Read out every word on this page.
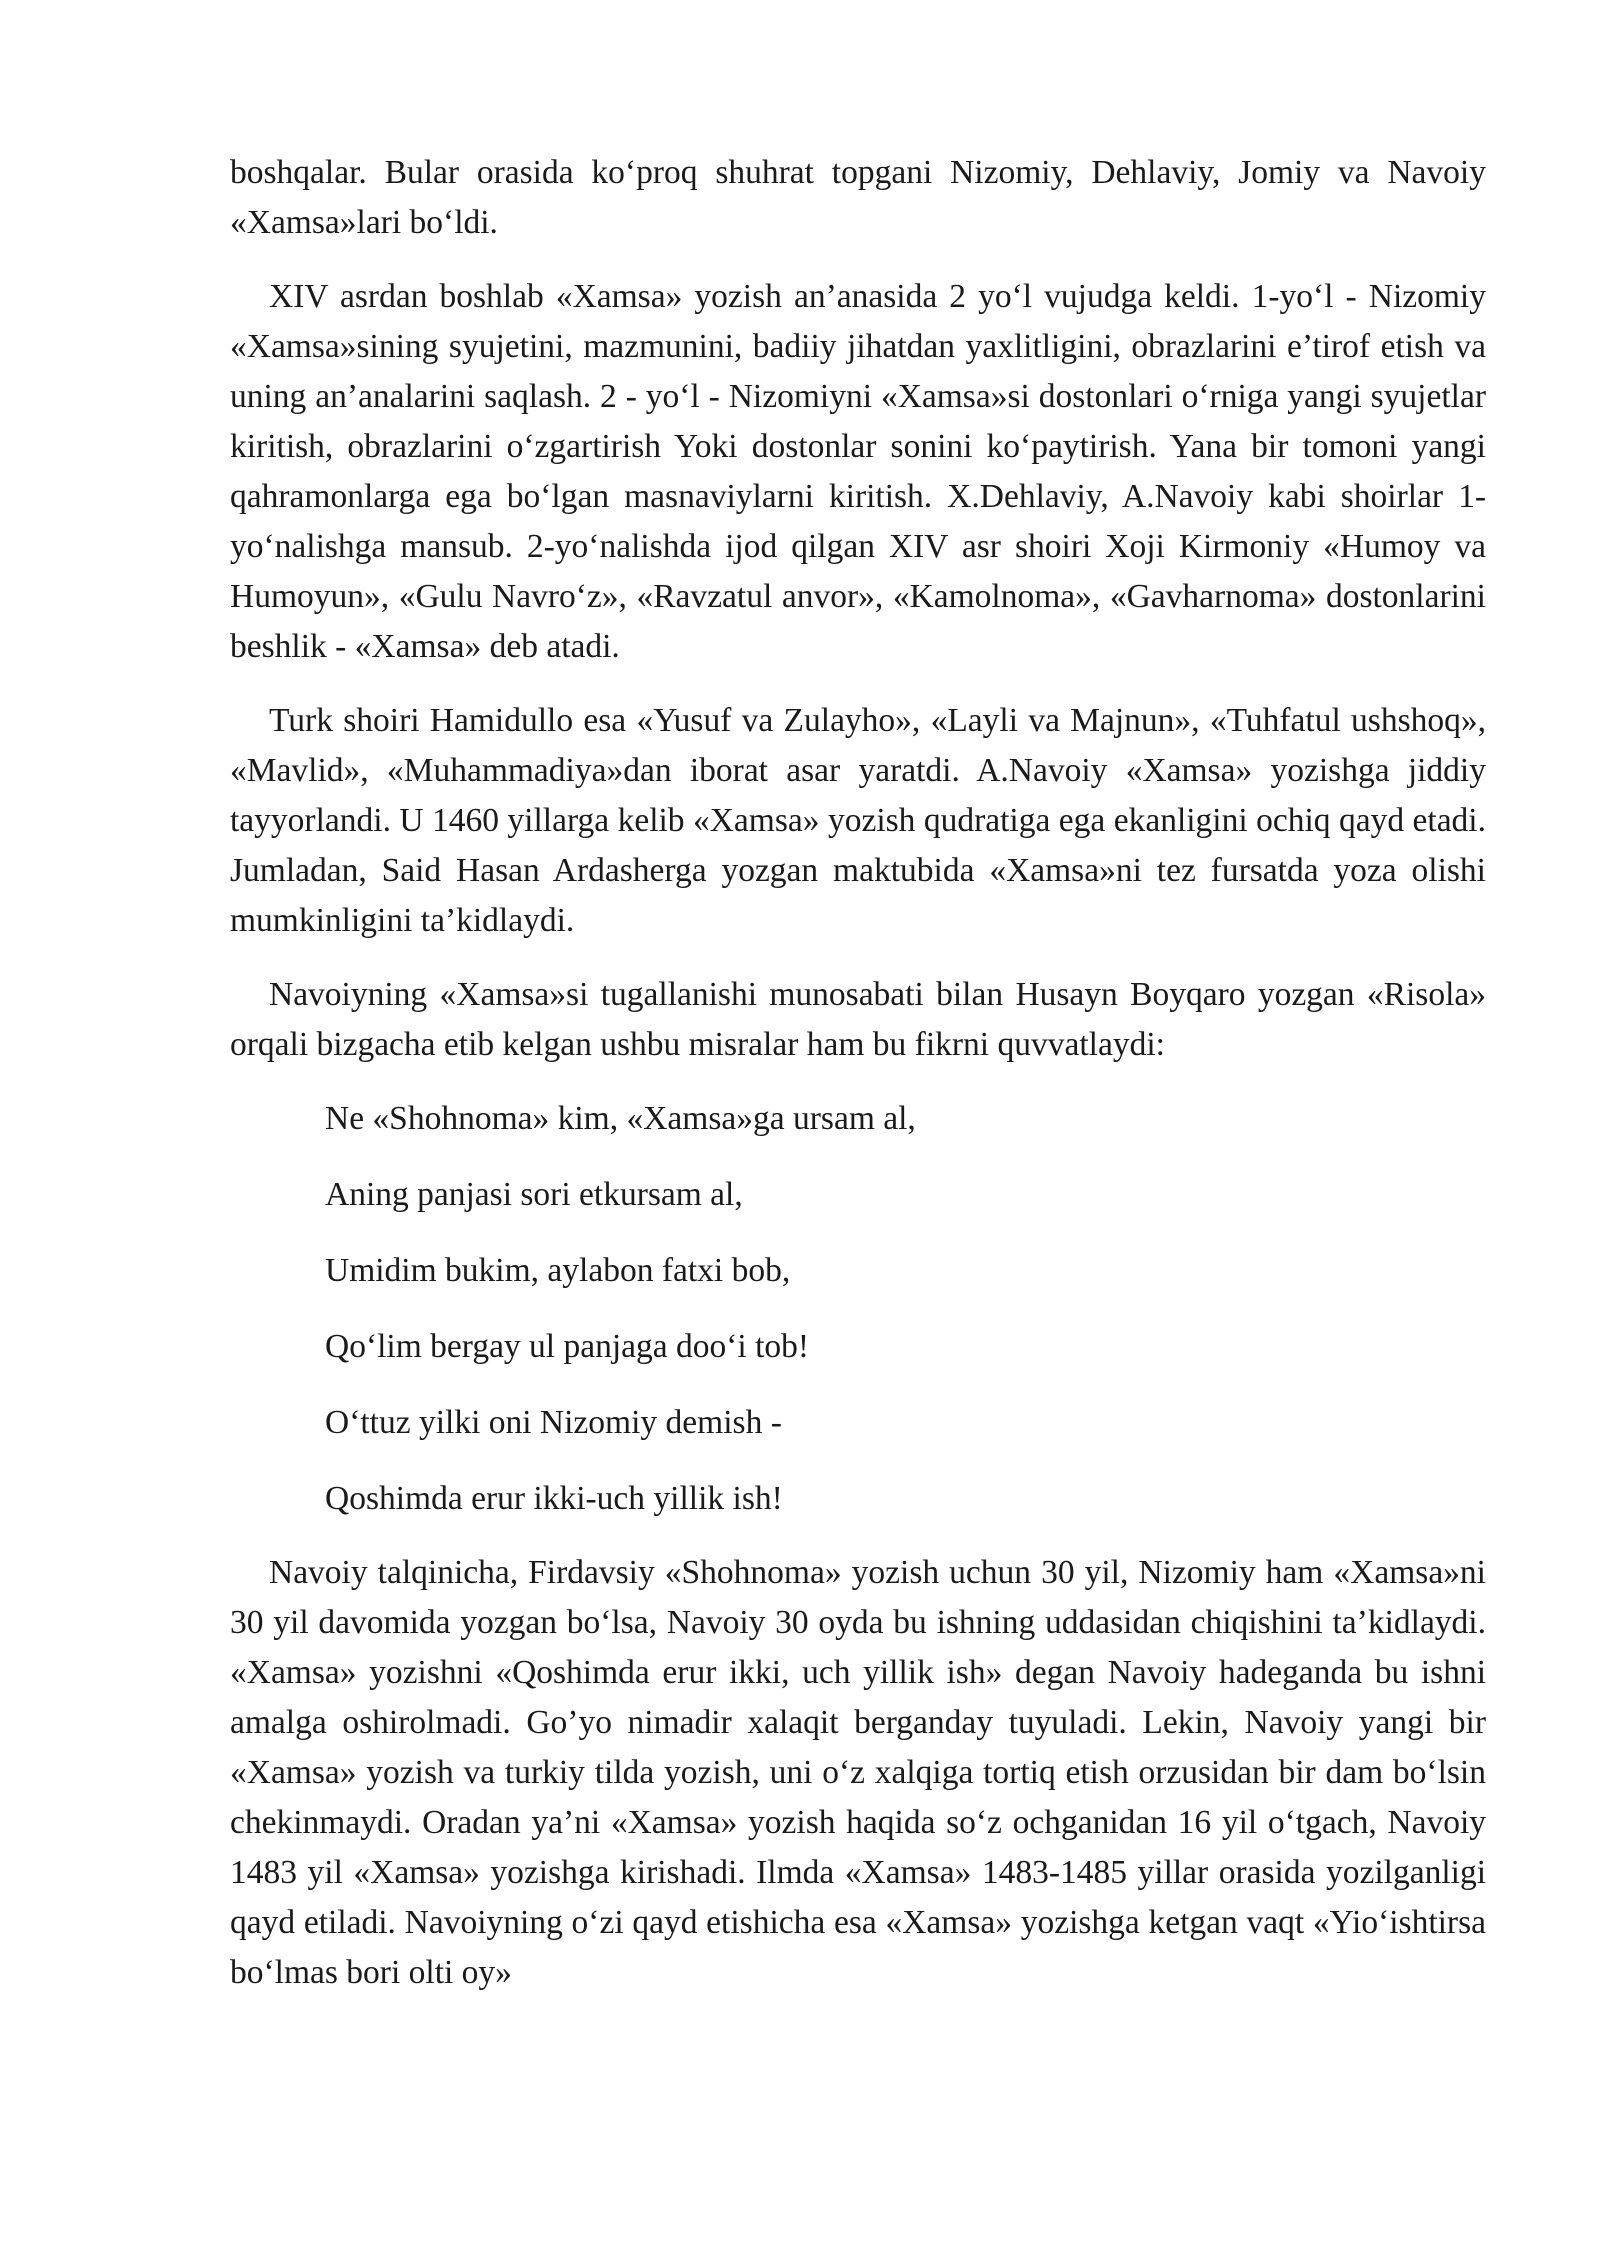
boshqalar. Bular orasida ko‘proq shuhrat topgani Nizomiy, Dehlaviy, Jomiy va Navoiy «Xamsa»lari bo‘ldi.

XIV asrdan boshlab «Xamsa» yozish an’anasida 2 yo‘l vujudga keldi. 1-yo‘l - Nizomiy «Xamsa»sining syujetini, mazmunini, badiiy jihatdan yaxlitligini, obrazlarini e’tirof etish va uning an’analarini saqlash. 2 - yo‘l - Nizomiyni «Xamsa»si dostonlari o‘rniga yangi syujetlar kiritish, obrazlarini o‘zgartirish Yoki dostonlar sonini ko‘paytirish. Yana bir tomoni yangi qahramonlarga ega bo‘lgan masnaviylarni kiritish. X.Dehlaviy, A.Navoiy kabi shoirlar 1-yo‘nalishga mansub. 2-yo‘nalishda ijod qilgan XIV asr shoiri Xoji Kirmoniy «Humoy va Humoyun», «Gulu Navro‘z», «Ravzatul anvor», «Kamolnoma», «Gavharnoma» dostonlarini beshlik - «Xamsa» deb atadi.

Turk shoiri Hamidullo esa «Yusuf va Zulayho», «Layli va Majnun», «Tuhfatul ushshoq», «Mavlid», «Muhammadiya»dan iborat asar yaratdi. A.Navoiy «Xamsa» yozishga jiddiy tayyorlandi. U 1460 yillarga kelib «Xamsa» yozish qudratiga ega ekanligini ochiq qayd etadi. Jumladan, Said Hasan Ardasherga yozgan maktubida «Xamsa»ni tez fursatda yoza olishi mumkinligini ta’kidlaydi.

Navoiyning «Xamsa»si tugallanishi munosabati bilan Husayn Boyqaro yozgan «Risola» orqali bizgacha etib kelgan ushbu misralar ham bu fikrni quvvatlaydi:

Ne «Shohnoma» kim, «Xamsa»ga ursam al,
Aning panjasi sori etkursam al,
Umidim bukim, aylabon fatxi bob,
Qo‘lim bergay ul panjaga doo‘i tob!
O‘ttuz yilki oni Nizomiy demish -
Qoshimda erur ikki-uch yillik ish!

Navoiy talqinicha, Firdavsiy «Shohnoma» yozish uchun 30 yil, Nizomiy ham «Xamsa»ni 30 yil davomida yozgan bo‘lsa, Navoiy 30 oyda bu ishning uddasidan chiqishini ta’kidlaydi. «Xamsa» yozishni «Qoshimda erur ikki, uch yillik ish» degan Navoiy hadeganda bu ishni amalga oshirolmadi. Go’yo nimadir xalaqit berganday tuyuladi. Lekin, Navoiy yangi bir «Xamsa» yozish va turkiy tilda yozish, uni o‘z xalqiga tortiq etish orzusidan bir dam bo‘lsin chekinmaydi. Oradan ya’ni «Xamsa» yozish haqida so‘z ochganidan 16 yil o‘tgach, Navoiy 1483 yil «Xamsa» yozishga kirishadi. Ilmda «Xamsa» 1483-1485 yillar orasida yozilganligi qayd etiladi. Navoiyning o‘zi qayd etishicha esa «Xamsa» yozishga ketgan vaqt «Yio‘ishtirsa bo‘lmas bori olti oy»
